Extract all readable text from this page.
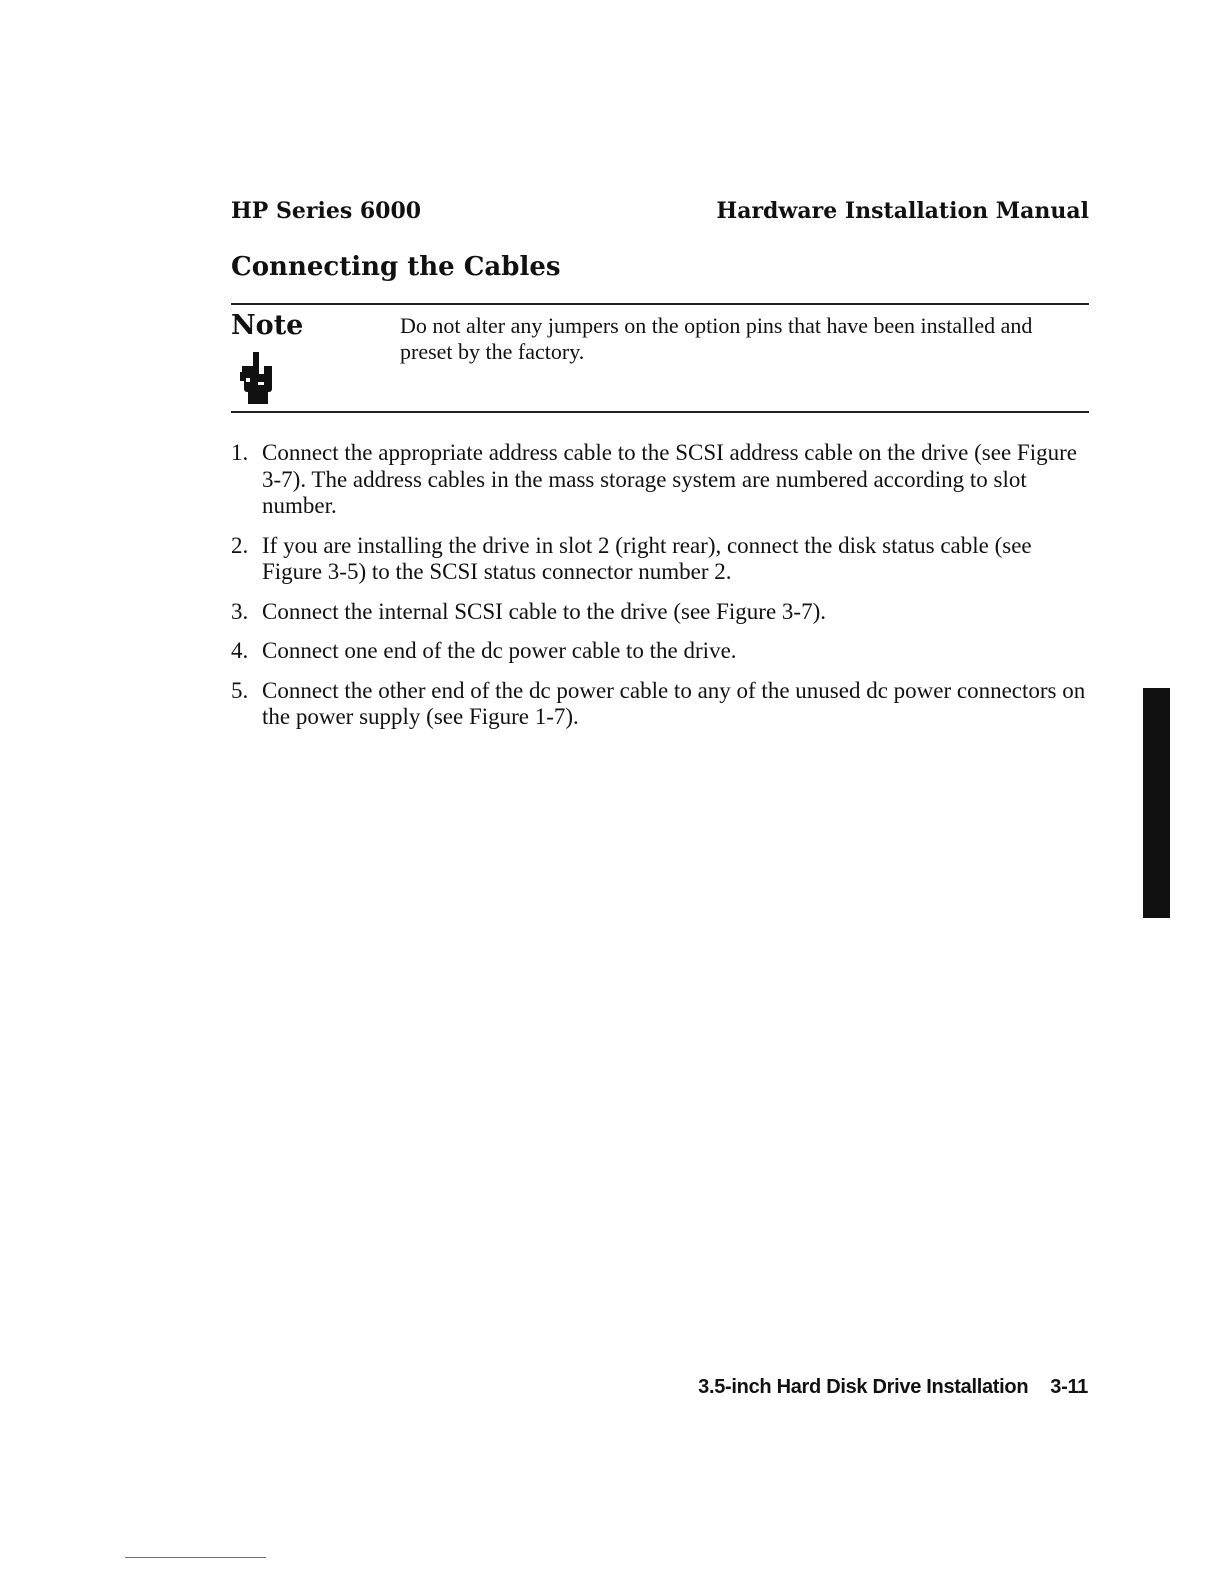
HP Series 6000	Hardware Installation Manual
Connecting the Cables
Note	Do not alter any jumpers on the option pins that have been installed and preset by the factory.
1. Connect the appropriate address cable to the SCSI address cable on the drive (see Figure 3-7). The address cables in the mass storage system are numbered according to slot number.
2. If you are installing the drive in slot 2 (right rear), connect the disk status cable (see Figure 3-5) to the SCSI status connector number 2.
3. Connect the internal SCSI cable to the drive (see Figure 3-7).
4. Connect one end of the dc power cable to the drive.
5. Connect the other end of the dc power cable to any of the unused dc power connectors on the power supply (see Figure 1-7).
3.5-inch Hard Disk Drive Installation 3-11
